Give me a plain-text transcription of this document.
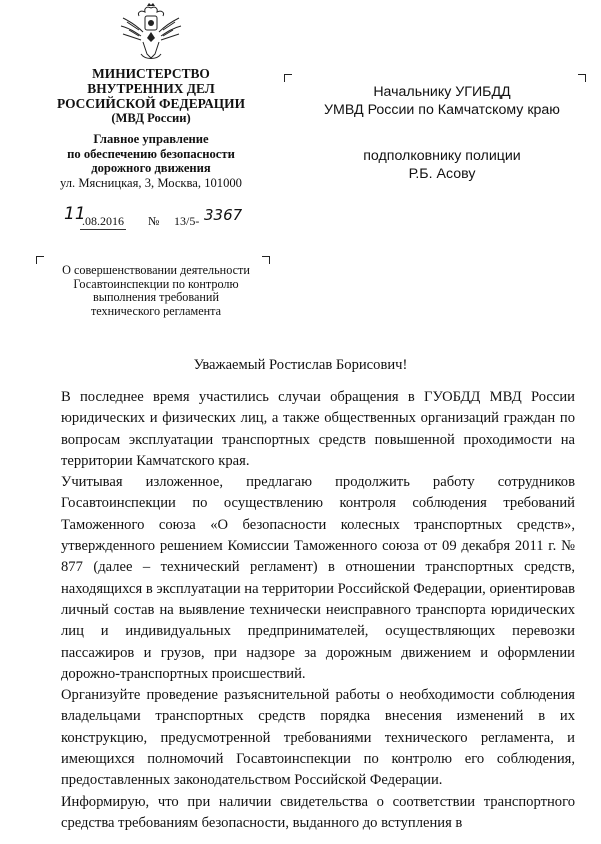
МИНИСТЕРСТВО
ВНУТРЕННИХ ДЕЛ
РОССИЙСКОЙ ФЕДЕРАЦИИ
(МВД России)
Главное управление
по обеспечению безопасности
дорожного движения
ул. Мясницкая, 3, Москва, 101000
11
.08.2016 № 13/5- 3367
О совершенствовании деятельности
Госавтоинспекции по контролю
выполнения требований
технического регламента
Начальнику УГИБДД
УМВД России по Камчатскому краю
подполковнику полиции
Р.Б. Асову
Уважаемый Ростислав Борисович!

В последнее время участились случаи обращения в ГУОБДД МВД России юридических и физических лиц, а также общественных организаций граждан по вопросам эксплуатации транспортных средств повышенной проходимости на территории Камчатского края.

Учитывая изложенное, предлагаю продолжить работу сотрудников Госавтоинспекции по осуществлению контроля соблюдения требований Таможенного союза «О безопасности колесных транспортных средств», утвержденного решением Комиссии Таможенного союза от 09 декабря 2011 г. № 877 (далее – технический регламент) в отношении транспортных средств, находящихся в эксплуатации на территории Российской Федерации, ориентировав личный состав на выявление технически неисправного транспорта юридических лиц и индивидуальных предпринимателей, осуществляющих перевозки пассажиров и грузов, при надзоре за дорожным движением и оформлении дорожно-транспортных происшествий.

Организуйте проведение разъяснительной работы о необходимости соблюдения владельцами транспортных средств порядка внесения изменений в их конструкцию, предусмотренной требованиями технического регламента, и имеющихся полномочий Госавтоинспекции по контролю его соблюдения, предоставленных законодательством Российской Федерации.

Информирую, что при наличии свидетельства о соответствии транспортного средства требованиям безопасности, выданного до вступления в
